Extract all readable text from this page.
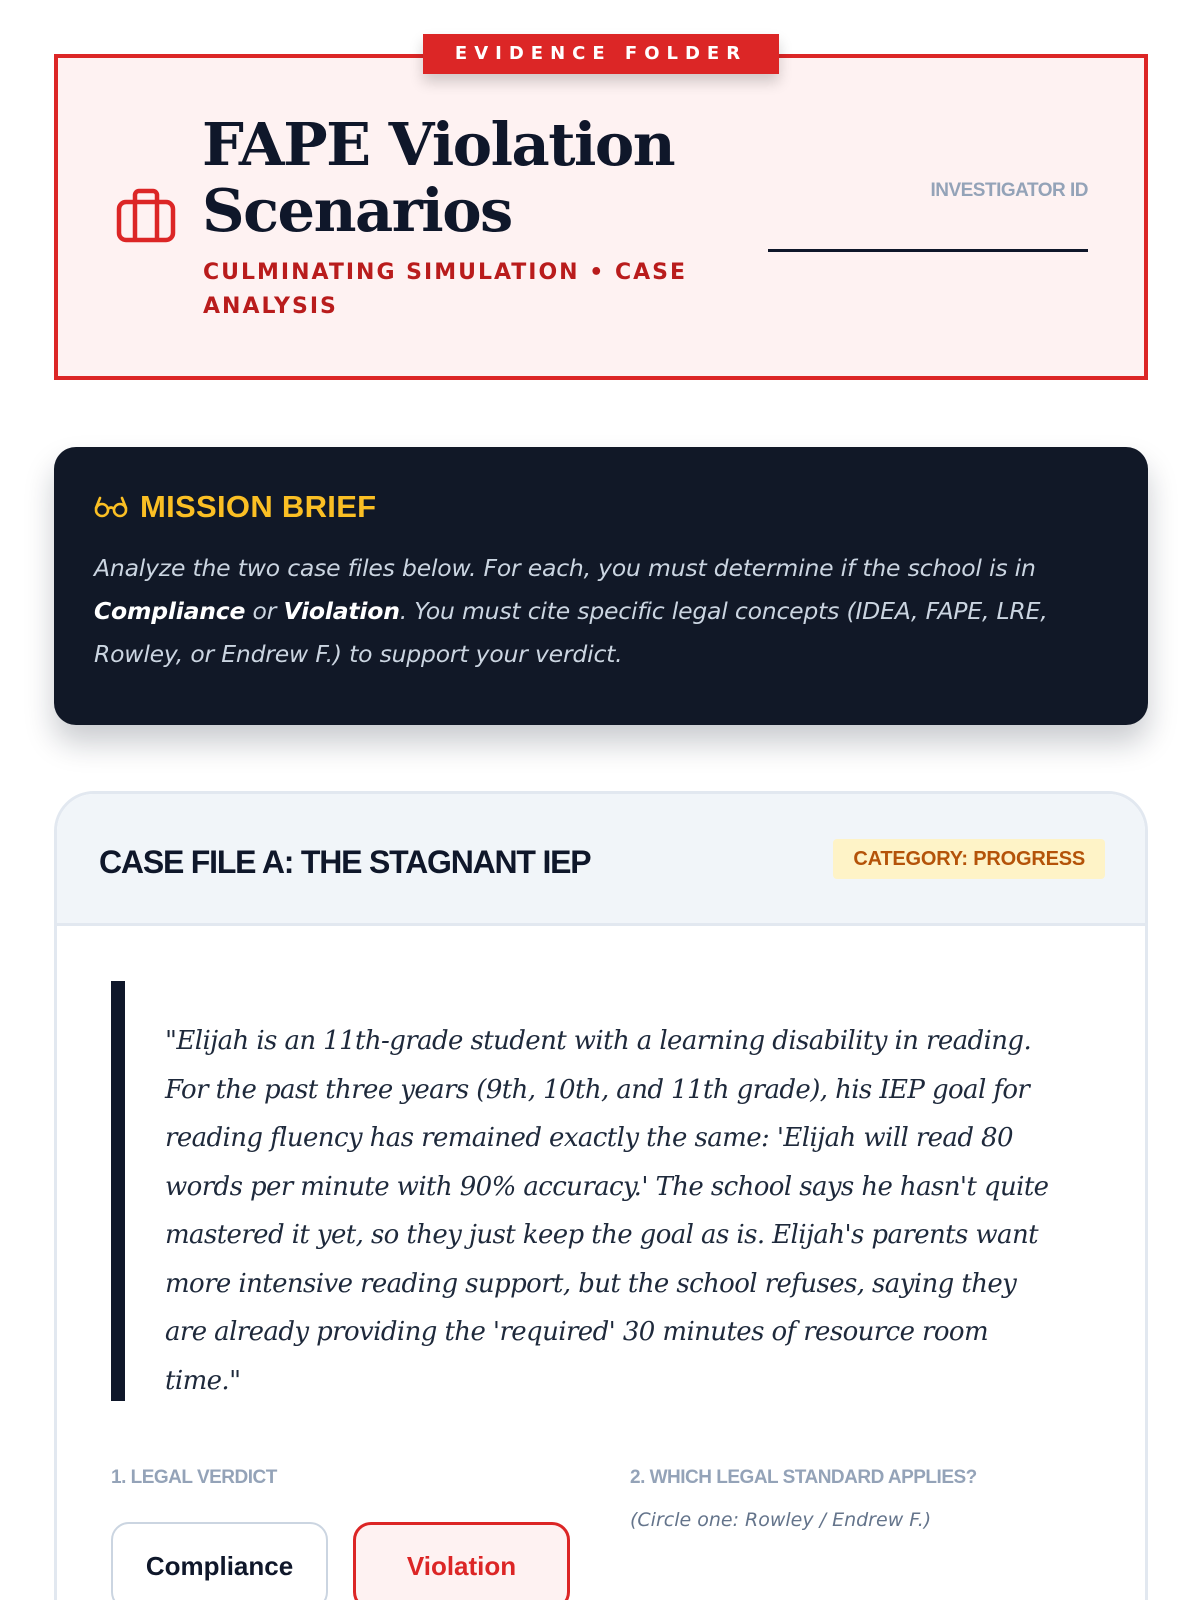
EVIDENCE FOLDER
FAPE Violation Scenarios
CULMINATING SIMULATION • CASE ANALYSIS
INVESTIGATOR ID
MISSION BRIEF

Analyze the two case files below. For each, you must determine if the school is in Compliance or Violation. You must cite specific legal concepts (IDEA, FAPE, LRE, Rowley, or Endrew F.) to support your verdict.

CASE FILE A: THE STAGNANT IEP	CATEGORY: PROGRESS
"Elijah is an 11th-grade student with a learning disability in reading. For the past three years (9th, 10th, and 11th grade), his IEP goal for reading fluency has remained exactly the same: 'Elijah will read 80 words per minute with 90% accuracy.' The school says he hasn't quite mastered it yet, so they just keep the goal as is. Elijah's parents want more intensive reading support, but the school refuses, saying they are already providing the 'required' 30 minutes of resource room time."
1. LEGAL VERDICT	2. WHICH LEGAL STANDARD APPLIES?
(Circle one: Rowley / Endrew F.)
Compliance	Violation
